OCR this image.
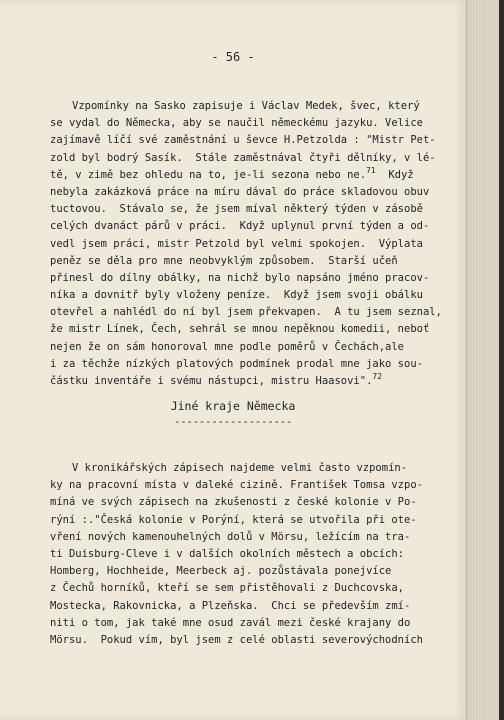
- 56 -
Vzpomínky na Sasko zapisuje i Václav Medek, švec, který
se vydal do Německa, aby se naučil německému jazyku. Velice
zajímavě líčí své zaměstnání u ševce H.Petzolda : "Mistr Pet-
zold byl bodrý Sasík.  Stále zaměstnával čtyři dělníky, v lé-
tě, v zimě bez ohledu na to, je-li sezona nebo ne.$^{71}$  Když
nebyla zakázková práce na míru dával do práce skladovou obuv
tuctovou.  Stávalo se, že jsem míval některý týden v zásobě
celých dvanáct párů v práci.  Když uplynul první týden a od-
vedl jsem práci, mistr Petzold byl velmi spokojen.  Výplata
peněz se děla pro mne neobvyklým způsobem.  Starší učeň
přinesl do dílny obálky, na nichž bylo napsáno jméno pracov-
níka a dovnitř byly vloženy peníze.  Když jsem svoji obálku
otevřel a nahlédl do ní byl jsem překvapen.  A tu jsem seznal,
že mistr Línek, Čech, sehrál se mnou nepěknou komedii, neboť
nejen že on sám honoroval mne podle poměrů v Čechách,ale
i za těchže nízkých platových podmínek prodal mne jako sou-
částku inventáře i svému nástupci, mistru Haasovi".$^{72}$
Jiné kraje Německa
-------------------
V kronikářských zápisech najdeme velmi často vzpomín-
ky na pracovní místa v daleké cizině. František Tomsa vzpo-
míná ve svých zápisech na zkušenosti z české kolonie v Po-
rýní :."Česká kolonie v Porýní, která se utvořila při ote-
vření nových kamenouhelných dolů v Mörsu, ležícím na tra-
ti Duisburg-Cleve i v dalších okolních městech a obcích:
Homberg, Hochheide, Meerbeck aj. pozůstávala ponejvíce
z Čechů horníků, kteří se sem přistěhovali z Duchcovska,
Mostecka, Rakovnicka, a Plzeňska.  Chci se především zmí-
niti o tom, jak také mne osud zavál mezi české krajany do
Mörsu.  Pokud vím, byl jsem z celé oblasti severovýchodních
